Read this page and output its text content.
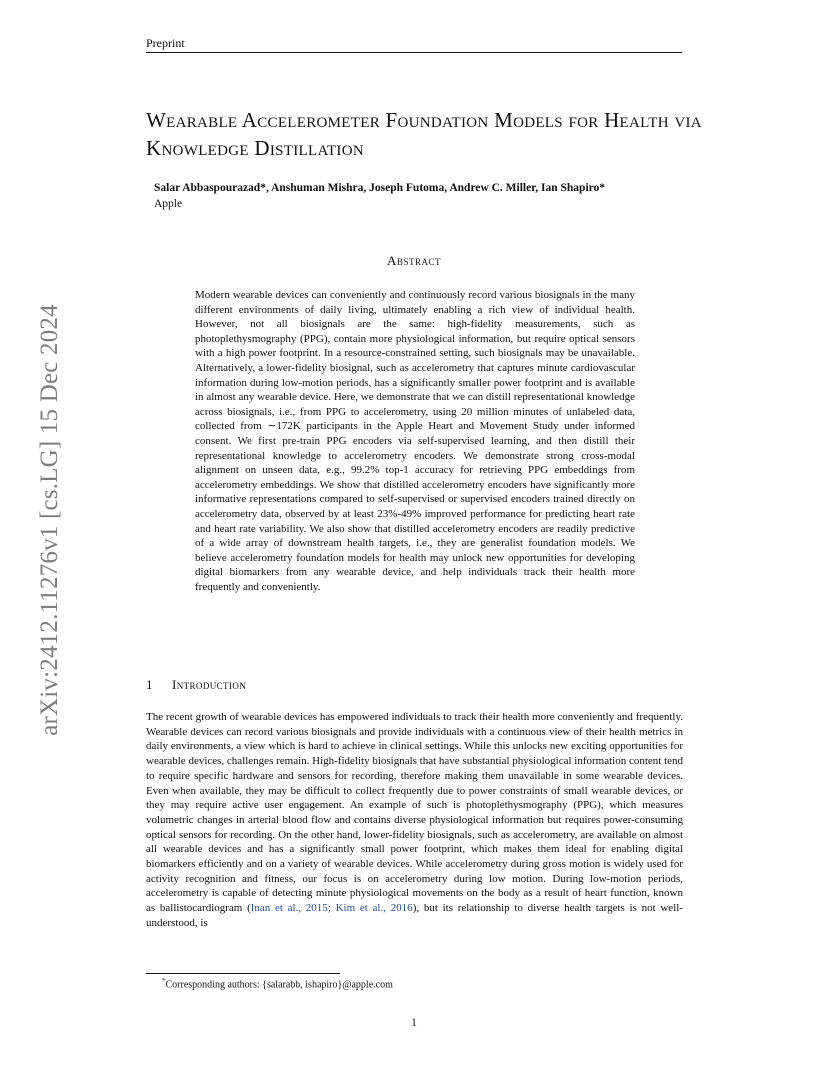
Preprint
arXiv:2412.11276v1 [cs.LG] 15 Dec 2024
Wearable Accelerometer Foundation Models for Health via Knowledge Distillation
Salar Abbaspourazad*, Anshuman Mishra, Joseph Futoma, Andrew C. Miller, Ian Shapiro*
Apple
Abstract
Modern wearable devices can conveniently and continuously record various biosignals in the many different environments of daily living, ultimately enabling a rich view of individual health. However, not all biosignals are the same: high-fidelity measurements, such as photoplethysmography (PPG), contain more physiological information, but require optical sensors with a high power footprint. In a resource-constrained setting, such biosignals may be unavailable. Alternatively, a lower-fidelity biosignal, such as accelerometry that captures minute cardiovascular information during low-motion periods, has a significantly smaller power footprint and is available in almost any wearable device. Here, we demonstrate that we can distill representational knowledge across biosignals, i.e., from PPG to accelerometry, using 20 million minutes of unlabeled data, collected from ∼172K participants in the Apple Heart and Movement Study under informed consent. We first pre-train PPG encoders via self-supervised learning, and then distill their representational knowledge to accelerometry encoders. We demonstrate strong cross-modal alignment on unseen data, e.g., 99.2% top-1 accuracy for retrieving PPG embeddings from accelerometry embeddings. We show that distilled accelerometry encoders have significantly more informative representations compared to self-supervised or supervised encoders trained directly on accelerometry data, observed by at least 23%-49% improved performance for predicting heart rate and heart rate variability. We also show that distilled accelerometry encoders are readily predictive of a wide array of downstream health targets, i.e., they are generalist foundation models. We believe accelerometry foundation models for health may unlock new opportunities for developing digital biomarkers from any wearable device, and help individuals track their health more frequently and conveniently.
1 Introduction
The recent growth of wearable devices has empowered individuals to track their health more conveniently and frequently. Wearable devices can record various biosignals and provide individuals with a continuous view of their health metrics in daily environments, a view which is hard to achieve in clinical settings. While this unlocks new exciting opportunities for wearable devices, challenges remain. High-fidelity biosignals that have substantial physiological information content tend to require specific hardware and sensors for recording, therefore making them unavailable in some wearable devices. Even when available, they may be difficult to collect frequently due to power constraints of small wearable devices, or they may require active user engagement. An example of such is photoplethysmography (PPG), which measures volumetric changes in arterial blood flow and contains diverse physiological information but requires power-consuming optical sensors for recording. On the other hand, lower-fidelity biosignals, such as accelerometry, are available on almost all wearable devices and has a significantly small power footprint, which makes them ideal for enabling digital biomarkers efficiently and on a variety of wearable devices. While accelerometry during gross motion is widely used for activity recognition and fitness, our focus is on accelerometry during low motion. During low-motion periods, accelerometry is capable of detecting minute physiological movements on the body as a result of heart function, known as ballistocardiogram (Inan et al., 2015; Kim et al., 2016), but its relationship to diverse health targets is not well-understood, is
*Corresponding authors: {salarabb, ishapiro}@apple.com
1
